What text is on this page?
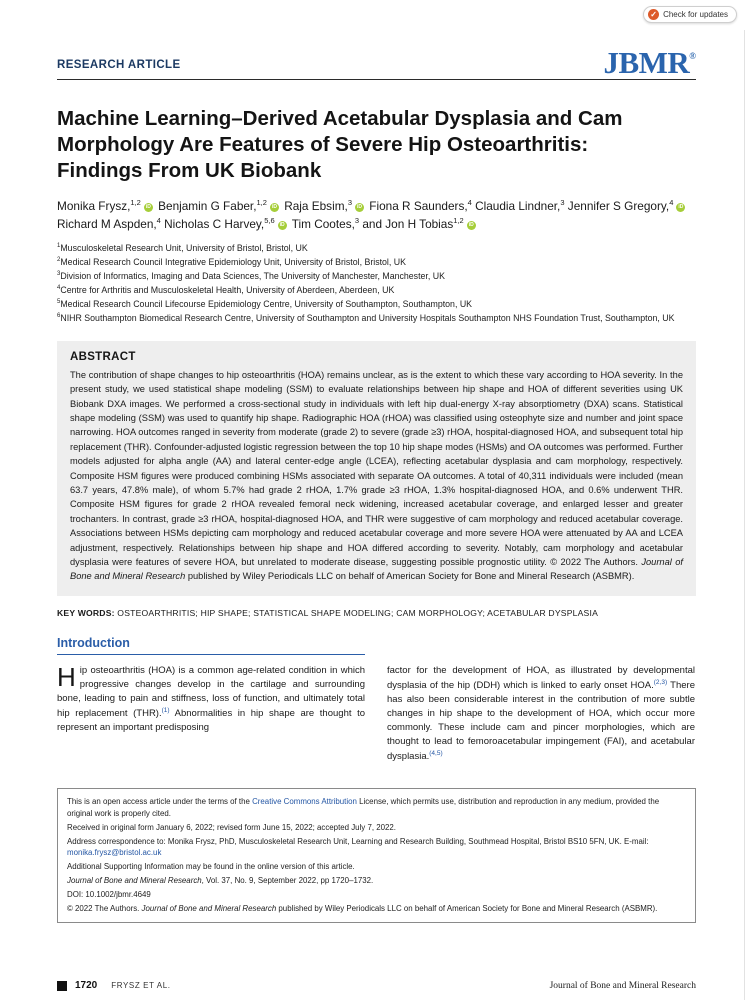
✓ Check for updates
RESEARCH ARTICLE	JBMR®
Machine Learning–Derived Acetabular Dysplasia and Cam Morphology Are Features of Severe Hip Osteoarthritis: Findings From UK Biobank
Monika Frysz,$^{1,2}$ iD Benjamin G Faber,$^{1,2}$ iD Raja Ebsim,$^3$ iD Fiona R Saunders,$^4$ Claudia Lindner,$^3$ Jennifer S Gregory,$^4$ iD Richard M Aspden,$^4$ Nicholas C Harvey,$^{5,6}$ iD Tim Cootes,$^3$ and Jon H Tobias$^{1,2}$ iD
$^1$Musculoskeletal Research Unit, University of Bristol, Bristol, UK
$^2$Medical Research Council Integrative Epidemiology Unit, University of Bristol, Bristol, UK
$^3$Division of Informatics, Imaging and Data Sciences, The University of Manchester, Manchester, UK
$^4$Centre for Arthritis and Musculoskeletal Health, University of Aberdeen, Aberdeen, UK
$^5$Medical Research Council Lifecourse Epidemiology Centre, University of Southampton, Southampton, UK
$^6$NIHR Southampton Biomedical Research Centre, University of Southampton and University Hospitals Southampton NHS Foundation Trust, Southampton, UK
ABSTRACT

The contribution of shape changes to hip osteoarthritis (HOA) remains unclear, as is the extent to which these vary according to HOA severity. In the present study, we used statistical shape modeling (SSM) to evaluate relationships between hip shape and HOA of different severities using UK Biobank DXA images. We performed a cross-sectional study in individuals with left hip dual-energy X-ray absorptiometry (DXA) scans. Statistical shape modeling (SSM) was used to quantify hip shape. Radiographic HOA (rHOA) was classified using osteophyte size and number and joint space narrowing. HOA outcomes ranged in severity from moderate (grade 2) to severe (grade ≥3) rHOA, hospital-diagnosed HOA, and subsequent total hip replacement (THR). Confounder-adjusted logistic regression between the top 10 hip shape modes (HSMs) and OA outcomes was performed. Further models adjusted for alpha angle (AA) and lateral center-edge angle (LCEA), reflecting acetabular dysplasia and cam morphology, respectively. Composite HSM figures were produced combining HSMs associated with separate OA outcomes. A total of 40,311 individuals were included (mean 63.7 years, 47.8% male), of whom 5.7% had grade 2 rHOA, 1.7% grade ≥3 rHOA, 1.3% hospital-diagnosed HOA, and 0.6% underwent THR. Composite HSM figures for grade 2 rHOA revealed femoral neck widening, increased acetabular coverage, and enlarged lesser and greater trochanters. In contrast, grade ≥3 rHOA, hospital-diagnosed HOA, and THR were suggestive of cam morphology and reduced acetabular coverage. Associations between HSMs depicting cam morphology and reduced acetabular coverage and more severe HOA were attenuated by AA and LCEA adjustment, respectively. Relationships between hip shape and HOA differed according to severity. Notably, cam morphology and acetabular dysplasia were features of severe HOA, but unrelated to moderate disease, suggesting possible prognostic utility. © 2022 The Authors. Journal of Bone and Mineral Research published by Wiley Periodicals LLC on behalf of American Society for Bone and Mineral Research (ASBMR).

KEY WORDS: OSTEOARTHRITIS; HIP SHAPE; STATISTICAL SHAPE MODELING; CAM MORPHOLOGY; ACETABULAR DYSPLASIA
Introduction

Hip osteoarthritis (HOA) is a common age-related condition in which progressive changes develop in the cartilage and surrounding bone, leading to pain and stiffness, loss of function, and ultimately total hip replacement (THR).$^{(1)}$ Abnormalities in hip shape are thought to represent an important predisposing

factor for the development of HOA, as illustrated by developmental dysplasia of the hip (DDH) which is linked to early onset HOA.$^{(2,3)}$ There has also been considerable interest in the contribution of more subtle changes in hip shape to the development of HOA, which occur more commonly. These include cam and pincer morphologies, which are thought to lead to femoroacetabular impingement (FAI), and acetabular dysplasia.$^{(4,5)}$

This is an open access article under the terms of the Creative Commons Attribution License, which permits use, distribution and reproduction in any medium, provided the original work is properly cited.
Received in original form January 6, 2022; revised form June 15, 2022; accepted July 7, 2022.
Address correspondence to: Monika Frysz, PhD, Musculoskeletal Research Unit, Learning and Research Building, Southmead Hospital, Bristol BS10 5FN, UK. E-mail: monika.frysz@bristol.ac.uk
Additional Supporting Information may be found in the online version of this article.
Journal of Bone and Mineral Research, Vol. 37, No. 9, September 2022, pp 1720–1732.
DOI: 10.1002/jbmr.4649
© 2022 The Authors. Journal of Bone and Mineral Research published by Wiley Periodicals LLC on behalf of American Society for Bone and Mineral Research (ASBMR).
1720 FRYSZ ET AL.	Journal of Bone and Mineral Research
